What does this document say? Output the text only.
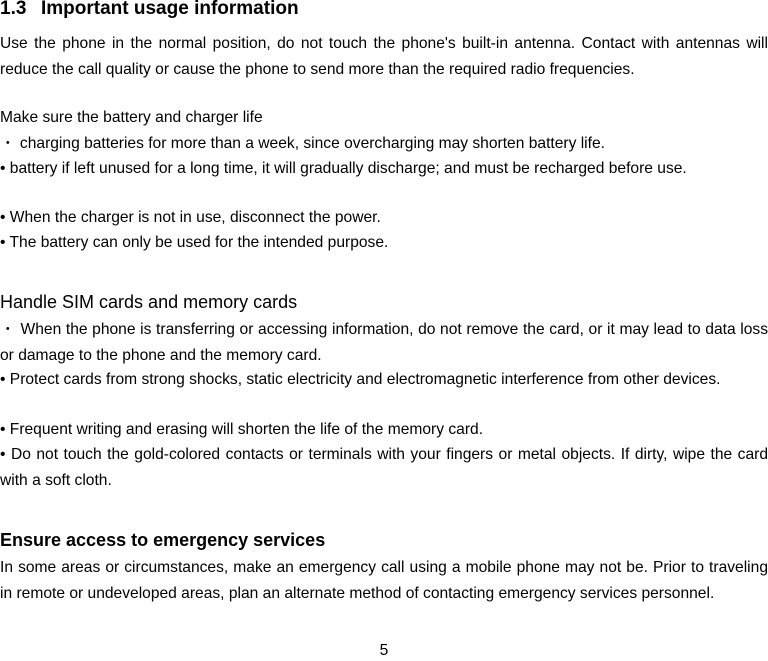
1.3 Important usage information

Use the phone in the normal position, do not touch the phone's built-in antenna. Contact with antennas will reduce the call quality or cause the phone to send more than the required radio frequencies.

Make sure the battery and charger life

・ charging batteries for more than a week, since overcharging may shorten battery life.

• battery if left unused for a long time, it will gradually discharge; and must be recharged before use.

• When the charger is not in use, disconnect the power.

• The battery can only be used for the intended purpose.

Handle SIM cards and memory cards

・ When the phone is transferring or accessing information, do not remove the card, or it may lead to data loss or damage to the phone and the memory card.

• Protect cards from strong shocks, static electricity and electromagnetic interference from other devices.

• Frequent writing and erasing will shorten the life of the memory card.

• Do not touch the gold-colored contacts or terminals with your fingers or metal objects. If dirty, wipe the card with a soft cloth.

Ensure access to emergency services

In some areas or circumstances, make an emergency call using a mobile phone may not be. Prior to traveling in remote or undeveloped areas, plan an alternate method of contacting emergency services personnel.

5
